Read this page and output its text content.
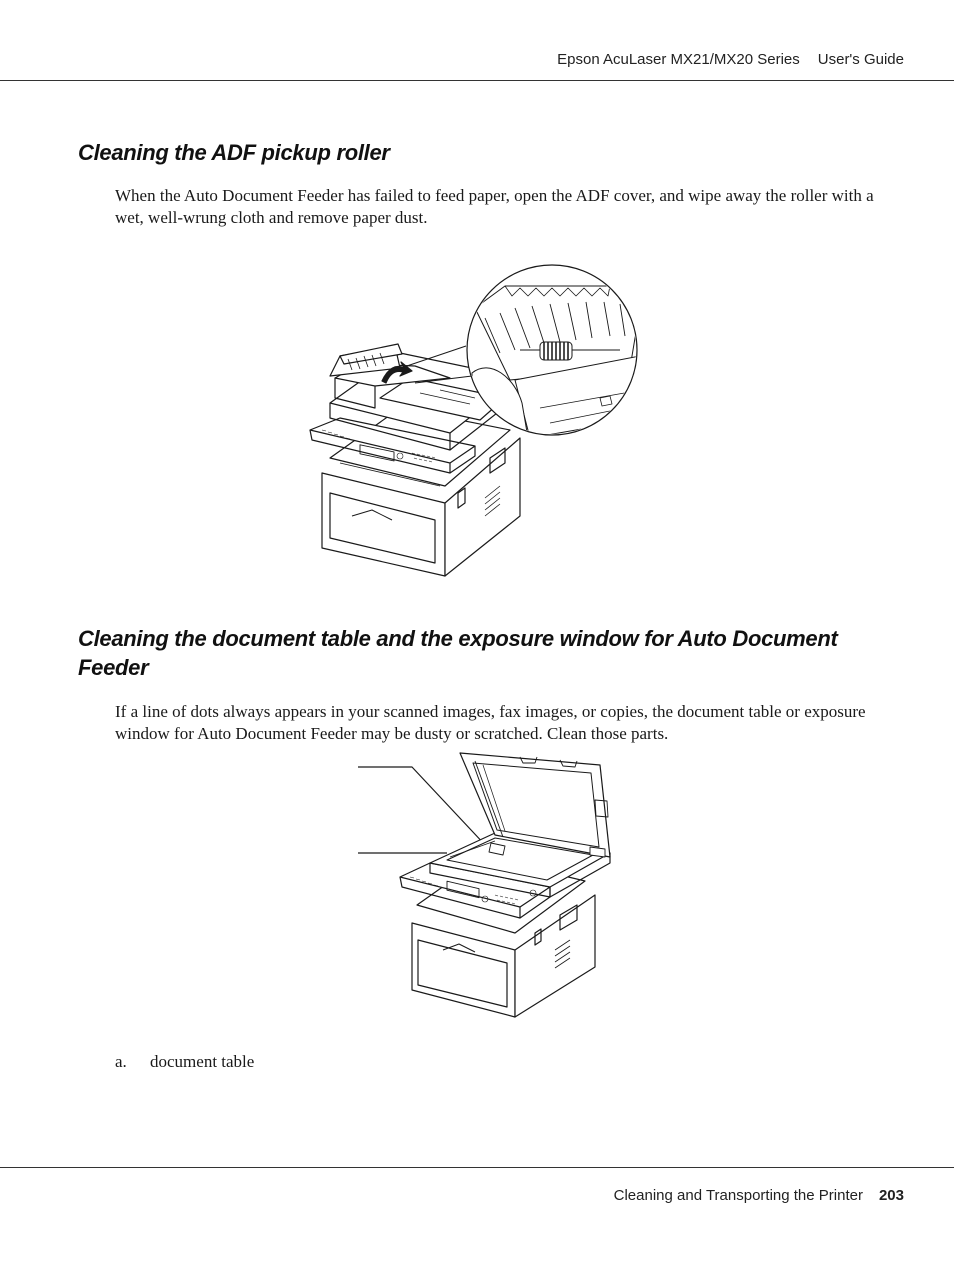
Epson AcuLaser MX21/MX20 Series User's Guide
Cleaning the ADF pickup roller

When the Auto Document Feeder has failed to feed paper, open the ADF cover, and wipe away the roller with a wet, well-wrung cloth and remove paper dust.

Cleaning the document table and the exposure window for Auto Document
Feeder

If a line of dots always appears in your scanned images, fax images, or copies, the document table or exposure window for Auto Document Feeder may be dusty or scratched. Clean those parts.

a. document table
Cleaning and Transporting the Printer 203
